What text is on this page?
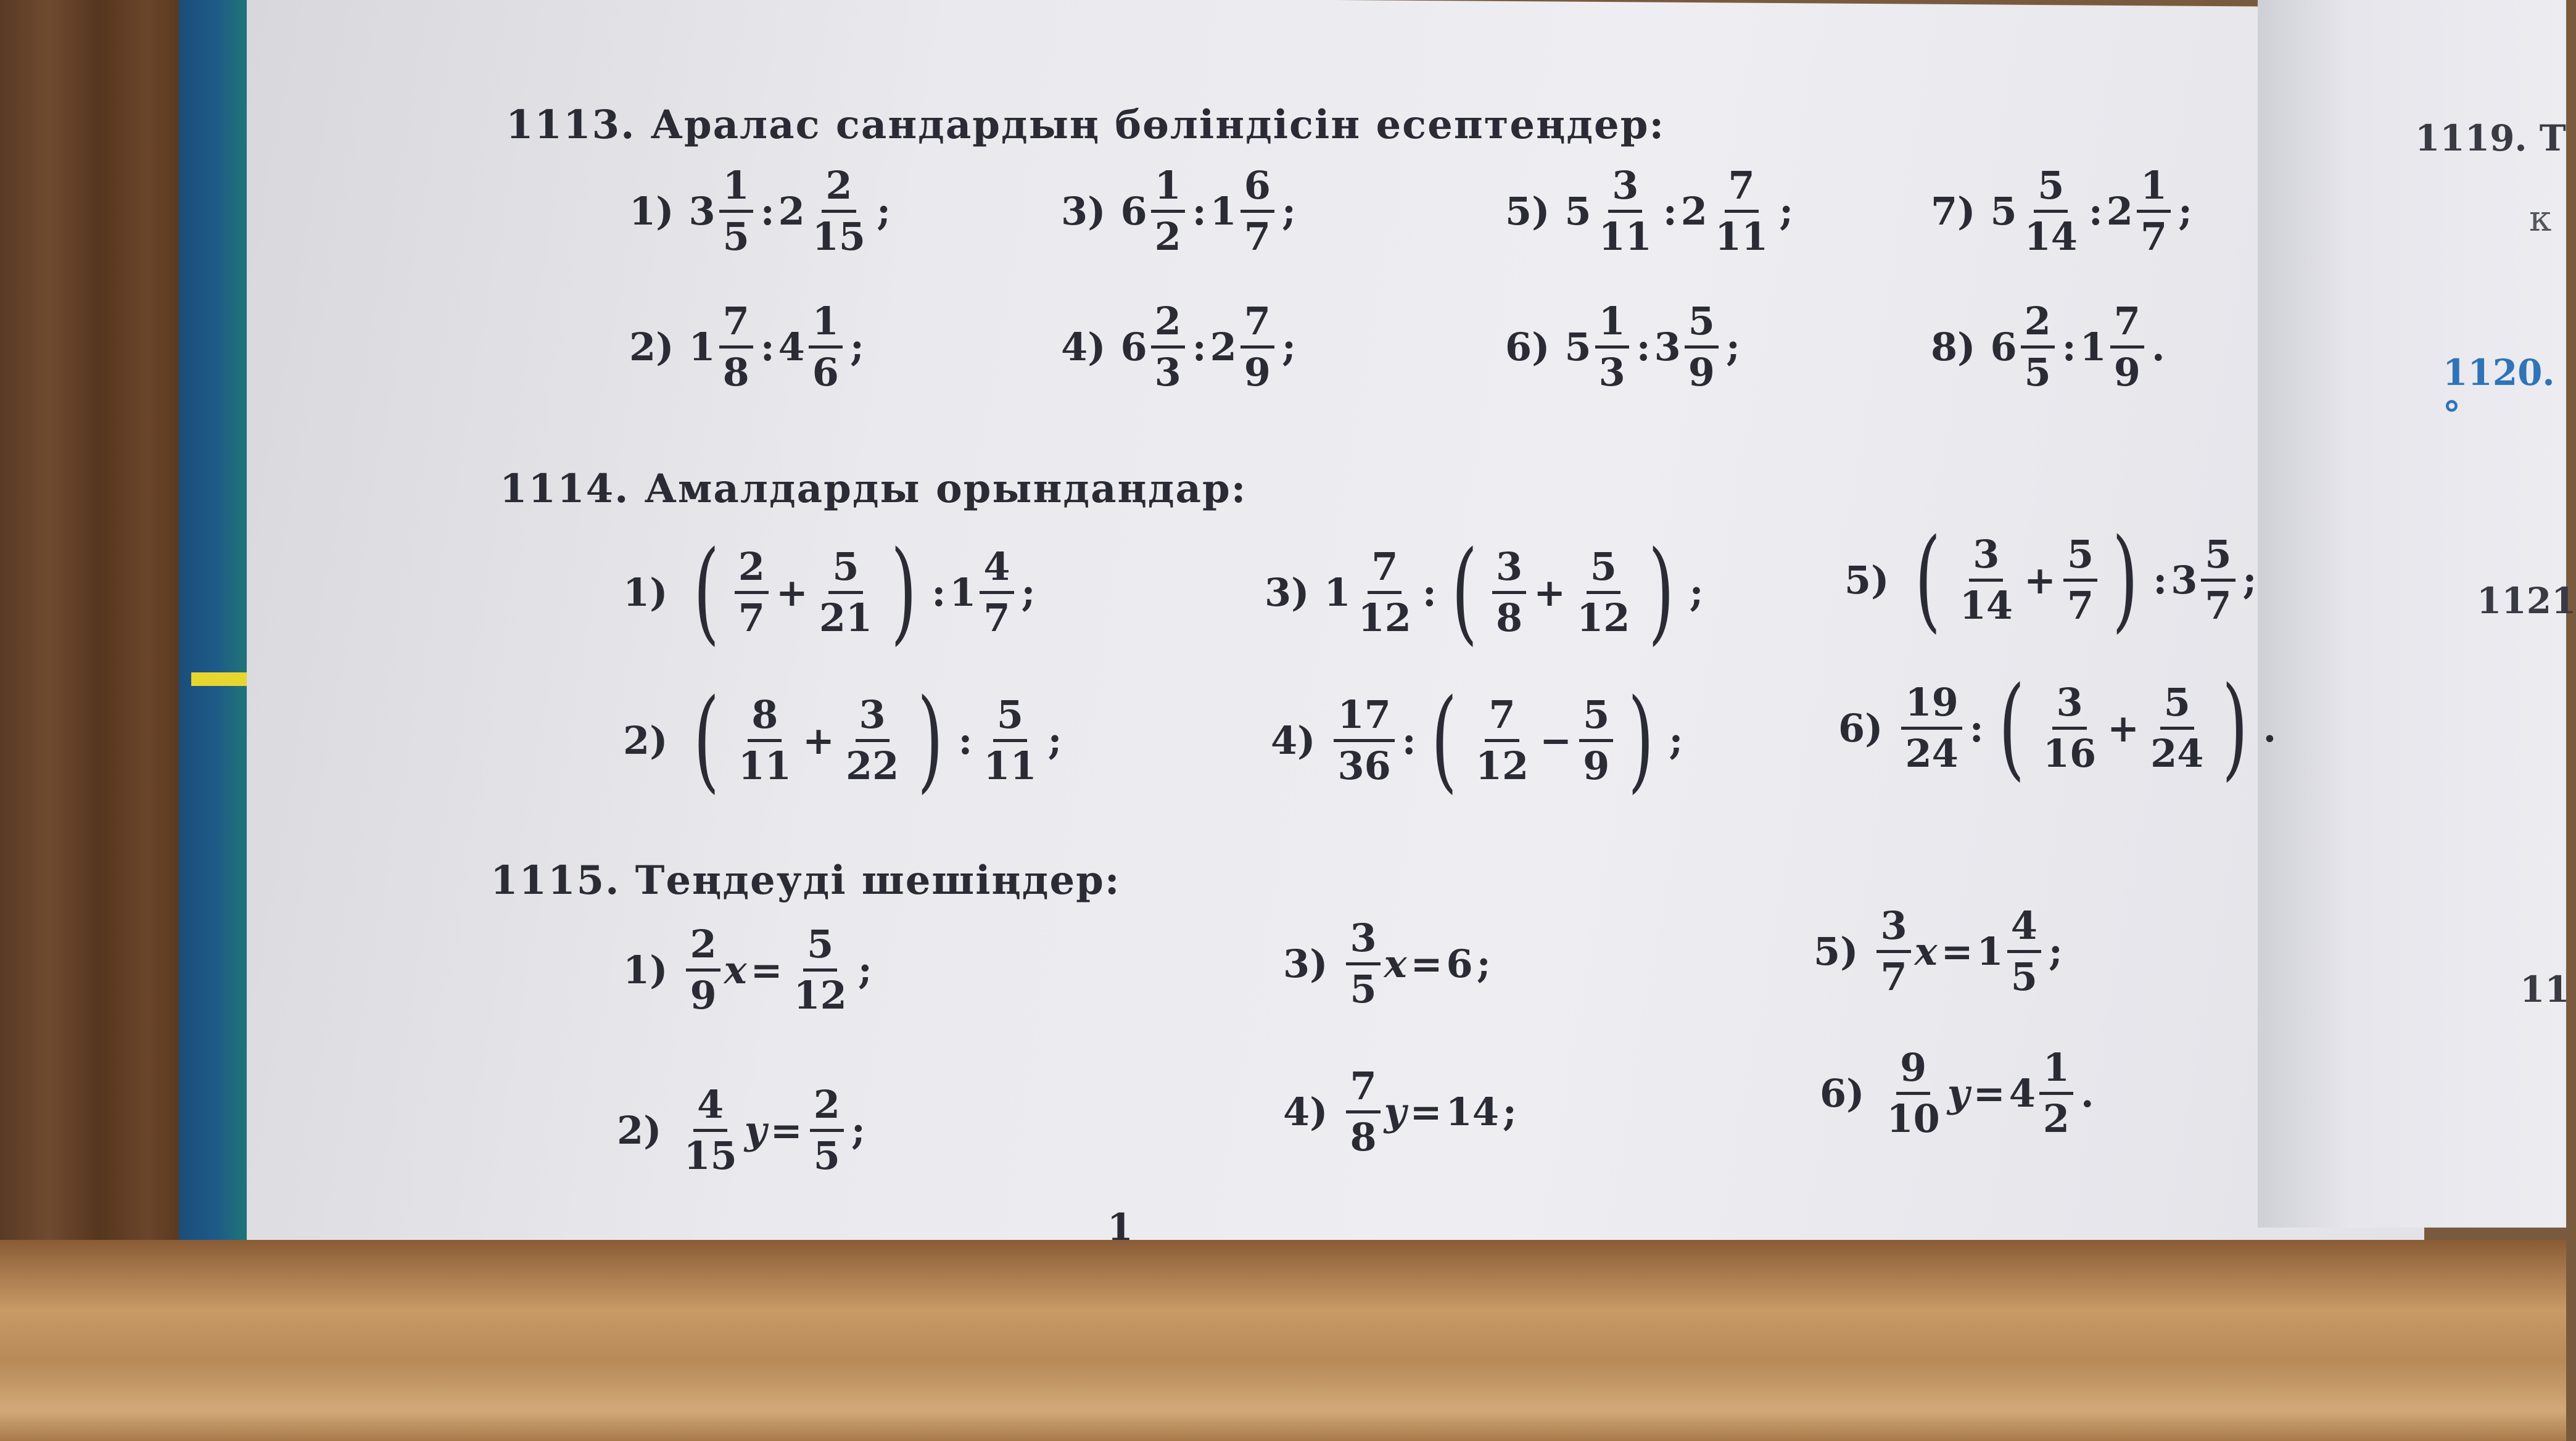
1119. Т
к
1120.°
1121
11
1113. Аралас сандардың бөліндісін есептеңдер:
1) $3 \frac{1}{5}$ : $2 \frac{2}{15}$ ;	3) $6 \frac{1}{2}$ : $1 \frac{6}{7}$ ;	5) $5 \frac{3}{11}$ : $2 \frac{7}{11}$ ;	7) $5 \frac{5}{14}$ : $2 \frac{1}{7}$ ;
2) $1 \frac{7}{8}$ : $4 \frac{1}{6}$ ;	4) $6 \frac{2}{3}$ : $2 \frac{7}{9}$ ;	6) $5 \frac{1}{3}$ : $3 \frac{5}{9}$ ;	8) $6 \frac{2}{5}$ : $1 \frac{7}{9}$ .
1114. Амалдарды орындаңдар:
1) ( $\frac{2}{7} + \frac{5}{21}$ ) : $1 \frac{4}{7}$ ;	3) $1 \frac{7}{12}$ : ( $\frac{3}{8} + \frac{5}{12}$ ) ;	5) ( $\frac{3}{14} + \frac{5}{7}$ ) : $3 \frac{5}{7}$ ;
2) ( $\frac{8}{11} + \frac{3}{22}$ ) : $\frac{5}{11}$ ;	$4) \frac{17}{36}$ : ( $\frac{7}{12} - \frac{5}{9}$ ) ;	$6) \frac{19}{24}$ : ( $\frac{3}{16} + \frac{5}{24}$ ) .
1115. Теңдеуді шешіңдер:
$1) \frac{2}{9}$ $x = \frac{5}{12}$ ;	$3) \frac{3}{5}$ x = 6 ;	$5) \frac{3}{7}$ $x = 1 \frac{4}{5}$ ;
$2) \frac{4}{15}$ $y = \frac{2}{5}$ ;	$4) \frac{7}{8}$ y = 14 ;	$6) \frac{9}{10}$ $y = 4 \frac{1}{2}$ .
1
